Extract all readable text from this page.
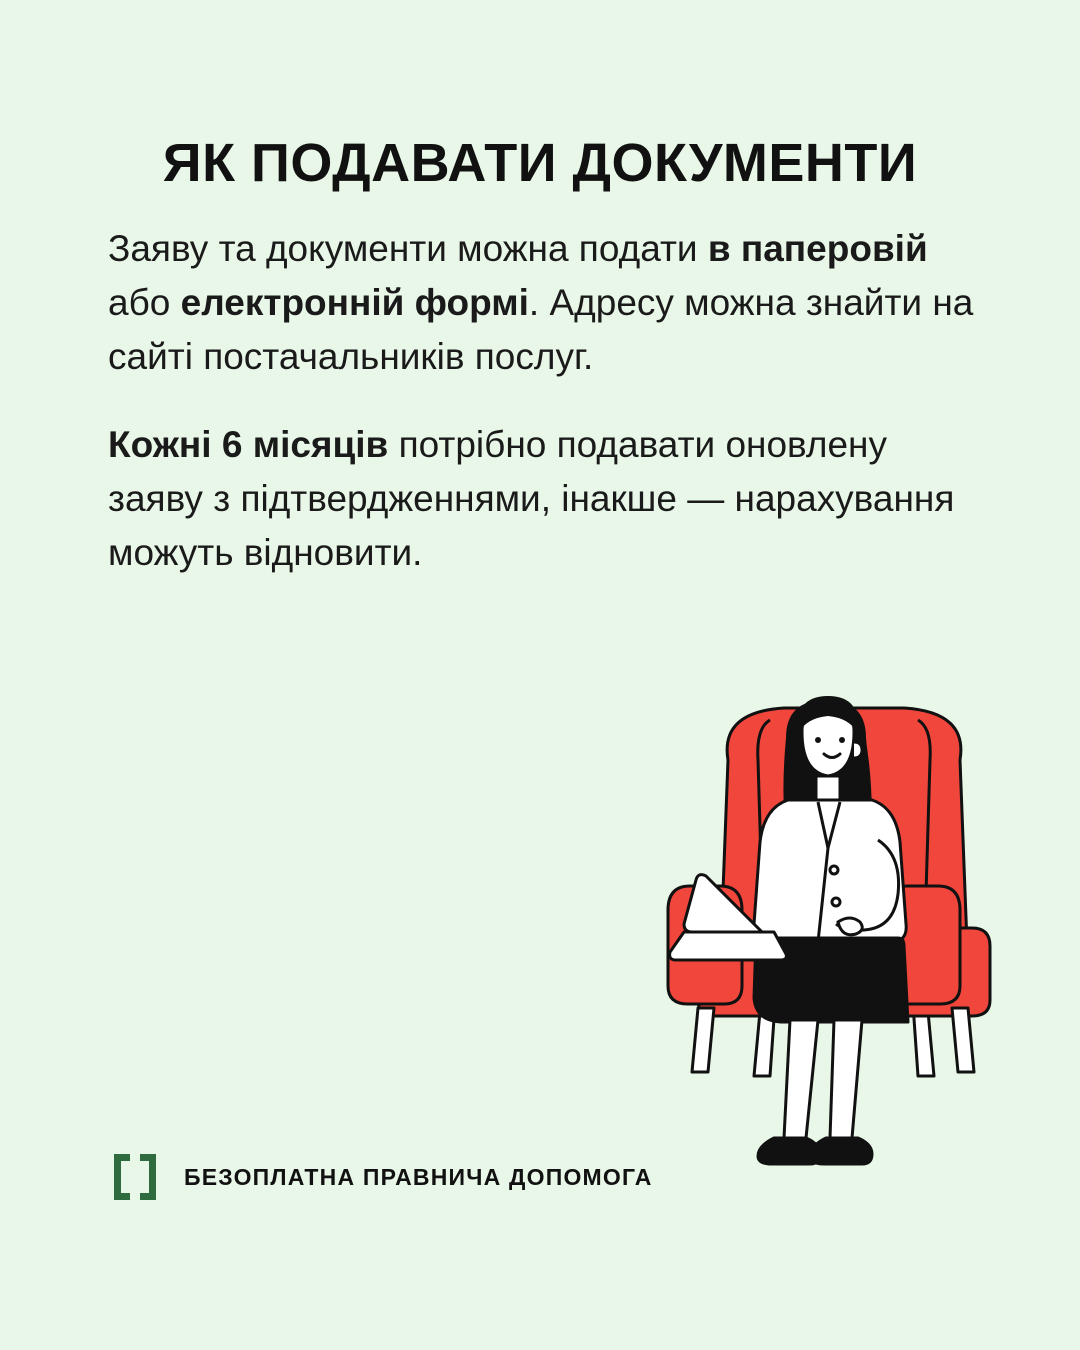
ЯК ПОДАВАТИ ДОКУМЕНТИ

Заяву та документи можна подати в паперовій або електронній формі. Адресу можна знайти на сайті постачальників послуг.

Кожні 6 місяців потрібно подавати оновлену заяву з підтвердженнями, інакше — нарахування можуть відновити.

БЕЗОПЛАТНА ПРАВНИЧА ДОПОМОГА
